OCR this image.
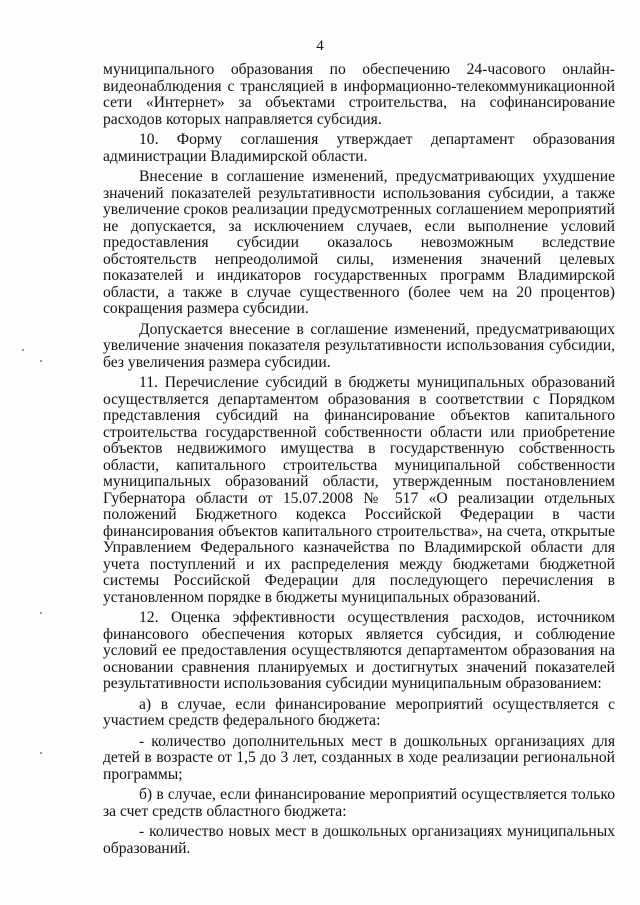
4

муниципального образования по обеспечению 24-часового онлайн-видеонаблюдения с трансляцией в информационно-телекоммуникационной сети «Интернет» за объектами строительства, на софинансирование расходов которых направляется субсидия.

10. Форму соглашения утверждает департамент образования администрации Владимирской области.

Внесение в соглашение изменений, предусматривающих ухудшение значений показателей результативности использования субсидии, а также увеличение сроков реализации предусмотренных соглашением мероприятий не допускается, за исключением случаев, если выполнение условий предоставления субсидии оказалось невозможным вследствие обстоятельств непреодолимой силы, изменения значений целевых показателей и индикаторов государственных программ Владимирской области, а также в случае существенного (более чем на 20 процентов) сокращения размера субсидии.

Допускается внесение в соглашение изменений, предусматривающих увеличение значения показателя результативности использования субсидии, без увеличения размера субсидии.

11. Перечисление субсидий в бюджеты муниципальных образований осуществляется департаментом образования в соответствии с Порядком представления субсидий на финансирование объектов капитального строительства государственной собственности области или приобретение объектов недвижимого имущества в государственную собственность области, капитального строительства муниципальной собственности муниципальных образований области, утвержденным постановлением Губернатора области от 15.07.2008 № 517 «О реализации отдельных положений Бюджетного кодекса Российской Федерации в части финансирования объектов капитального строительства», на счета, открытые Управлением Федерального казначейства по Владимирской области для учета поступлений и их распределения между бюджетами бюджетной системы Российской Федерации для последующего перечисления в установленном порядке в бюджеты муниципальных образований.

12. Оценка эффективности осуществления расходов, источником финансового обеспечения которых является субсидия, и соблюдение условий ее предоставления осуществляются департаментом образования на основании сравнения планируемых и достигнутых значений показателей результативности использования субсидии муниципальным образованием:

а) в случае, если финансирование мероприятий осуществляется с участием средств федерального бюджета:

- количество дополнительных мест в дошкольных организациях для детей в возрасте от 1,5 до 3 лет, созданных в ходе реализации региональной программы;

б) в случае, если финансирование мероприятий осуществляется только за счет средств областного бюджета:

- количество новых мест в дошкольных организациях муниципальных образований.
